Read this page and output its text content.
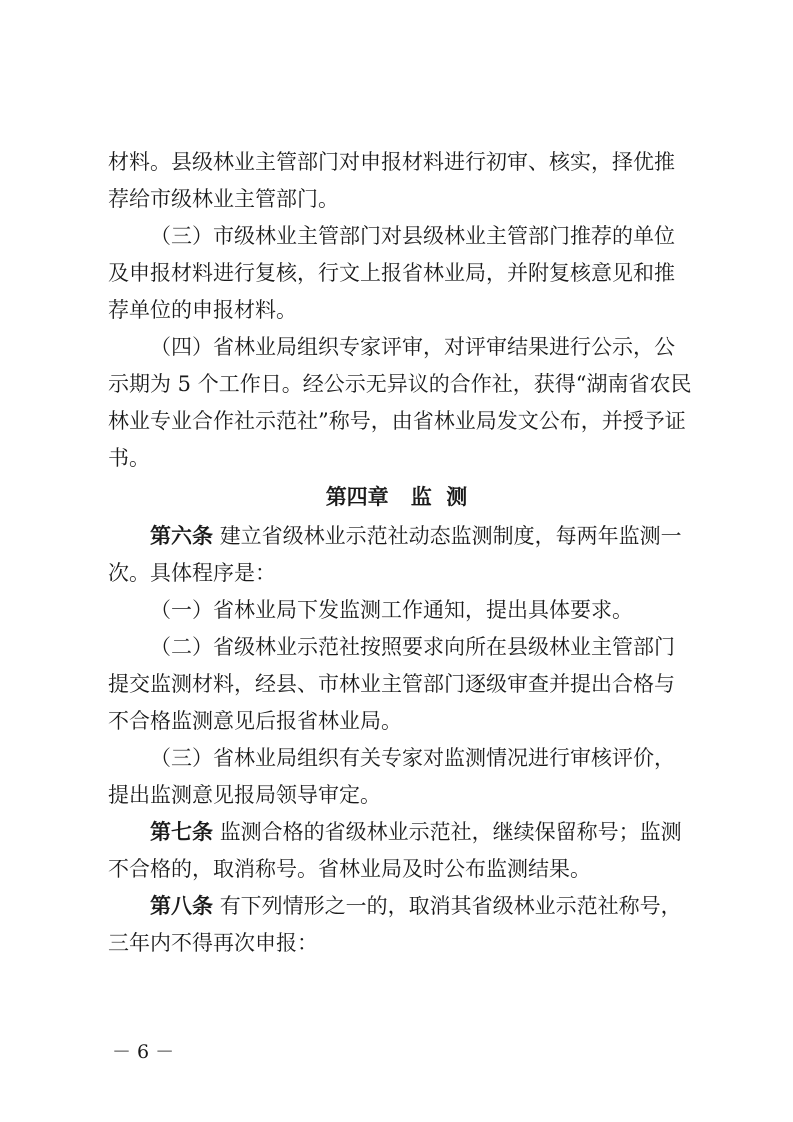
材料。县级林业主管部门对申报材料进行初审、核实，择优推
荐给市级林业主管部门。
（三）市级林业主管部门对县级林业主管部门推荐的单位
及申报材料进行复核，行文上报省林业局，并附复核意见和推
荐单位的申报材料。
（四）省林业局组织专家评审，对评审结果进行公示，公
示期为 5 个工作日。经公示无异议的合作社，获得“湖南省农民
林业专业合作社示范社”称号，由省林业局发文公布，并授予证
书。
第四章 监  测
第六条 建立省级林业示范社动态监测制度，每两年监测一
次。具体程序是：
（一）省林业局下发监测工作通知，提出具体要求。
（二）省级林业示范社按照要求向所在县级林业主管部门
提交监测材料，经县、市林业主管部门逐级审查并提出合格与
不合格监测意见后报省林业局。
（三）省林业局组织有关专家对监测情况进行审核评价，
提出监测意见报局领导审定。
第七条 监测合格的省级林业示范社，继续保留称号；监测
不合格的，取消称号。省林业局及时公布监测结果。
第八条 有下列情形之一的，取消其省级林业示范社称号，
三年内不得再次申报：
－ 6 －
